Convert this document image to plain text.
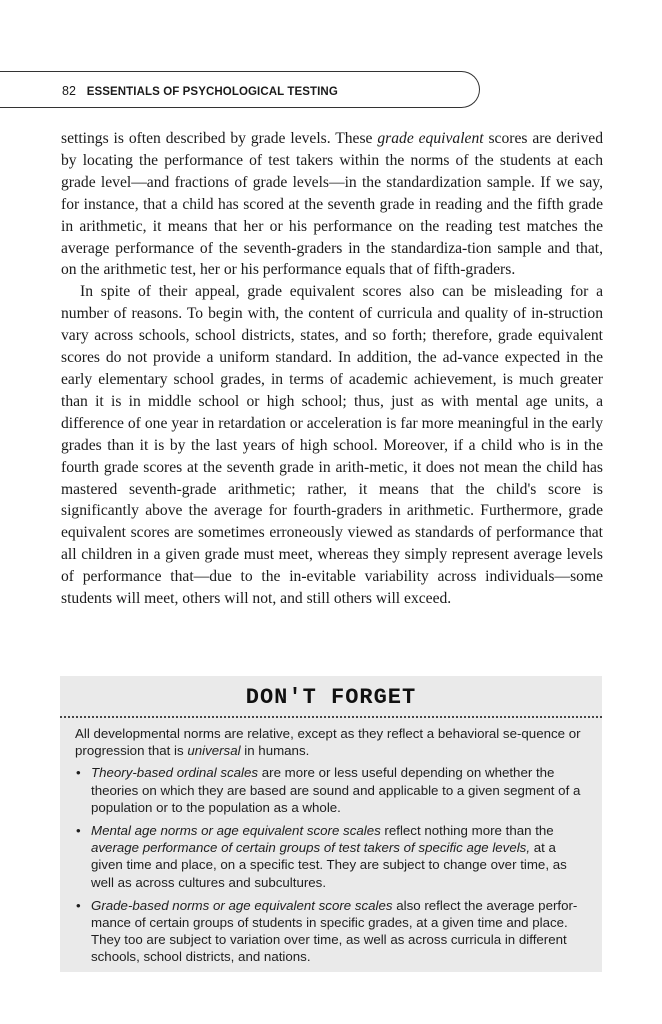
82 ESSENTIALS OF PSYCHOLOGICAL TESTING

settings is often described by grade levels. These grade equivalent scores are derived by locating the performance of test takers within the norms of the students at each grade level—and fractions of grade levels—in the standardization sample. If we say, for instance, that a child has scored at the seventh grade in reading and the fifth grade in arithmetic, it means that her or his performance on the reading test matches the average performance of the seventh-graders in the standardiza-tion sample and that, on the arithmetic test, her or his performance equals that of fifth-graders.

In spite of their appeal, grade equivalent scores also can be misleading for a number of reasons. To begin with, the content of curricula and quality of in-struction vary across schools, school districts, states, and so forth; therefore, grade equivalent scores do not provide a uniform standard. In addition, the ad-vance expected in the early elementary school grades, in terms of academic achievement, is much greater than it is in middle school or high school; thus, just as with mental age units, a difference of one year in retardation or acceleration is far more meaningful in the early grades than it is by the last years of high school. Moreover, if a child who is in the fourth grade scores at the seventh grade in arith-metic, it does not mean the child has mastered seventh-grade arithmetic; rather, it means that the child's score is significantly above the average for fourth-graders in arithmetic. Furthermore, grade equivalent scores are sometimes erroneously viewed as standards of performance that all children in a given grade must meet, whereas they simply represent average levels of performance that—due to the in-evitable variability across individuals—some students will meet, others will not, and still others will exceed.

DON'T FORGET

All developmental norms are relative, except as they reflect a behavioral se-quence or progression that is universal in humans.

• Theory-based ordinal scales are more or less useful depending on whether the theories on which they are based are sound and applicable to a given segment of a population or to the population as a whole.
• Mental age norms or age equivalent score scales reflect nothing more than the average performance of certain groups of test takers of specific age levels, at a given time and place, on a specific test. They are subject to change over time, as well as across cultures and subcultures.
• Grade-based norms or age equivalent score scales also reflect the average perfor-mance of certain groups of students in specific grades, at a given time and place. They too are subject to variation over time, as well as across curricula in different schools, school districts, and nations.
